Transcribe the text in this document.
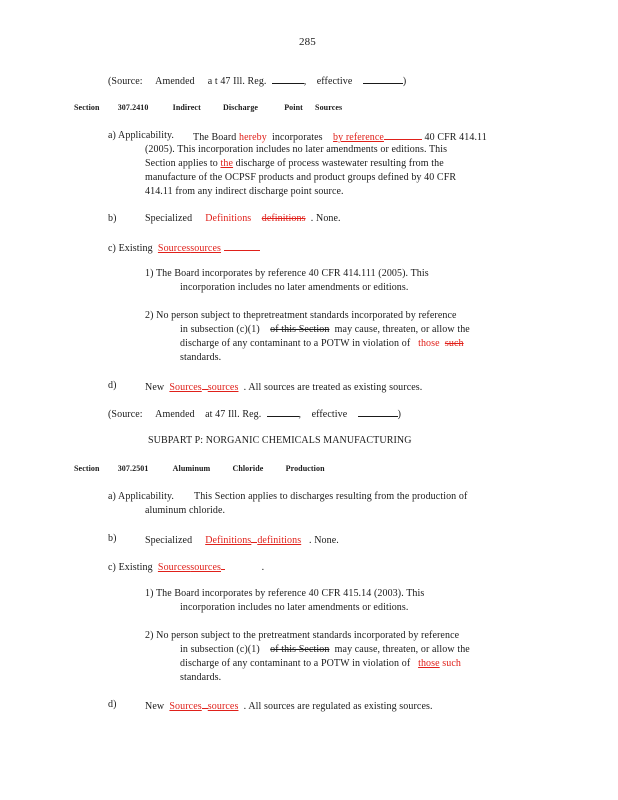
285
(Source: Amended a t 47 Ill. Reg.	, effective	)
Section 307.2410	Indirect	Discharge	Point Sources
a) Applicability. The Board hereby incorporates by reference	40 CFR 414.11
(2005). This incorporation includes no later amendments or editions. This
Section applies to the discharge of process wastewater resulting from the
manufacture of the OCPSF products and product groups defined by 40 CFR
414.11 from any indirect discharge point source.
b)	Specialized Definitions definitions . None.
c) Existing Sourcessources
1) The Board incorporates by reference 40 CFR 414.111 (2005). This
incorporation includes no later amendments or editions.
2) No person subject to thepretreatment standards incorporated by reference
in subsection (c)(1) of this Section may cause, threaten, or allow the
discharge of any contaminant to a POTW in violation of those such
standards.
d)	New Sources sources . All sources are treated as existing sources.
(Source: Amended at 47 Ill. Reg.	, effective	)
SUBPART P: NORGANIC CHEMICALS MANUFACTURING
Section 307.2501	Aluminum	Chloride	Production
a) Applicability. This Section applies to discharges resulting from the production of
aluminum chloride.
b)	Specialized Definitions definitions . None.
c) Existing Sourcessources	.
1) The Board incorporates by reference 40 CFR 415.14 (2003). This
incorporation includes no later amendments or editions.
2) No person subject to the pretreatment standards incorporated by reference
in subsection (c)(1) of this Section may cause, threaten, or allow the
discharge of any contaminant to a POTW in violation of those such
standards.
d)	New Sources sources . All sources are regulated as existing sources.
